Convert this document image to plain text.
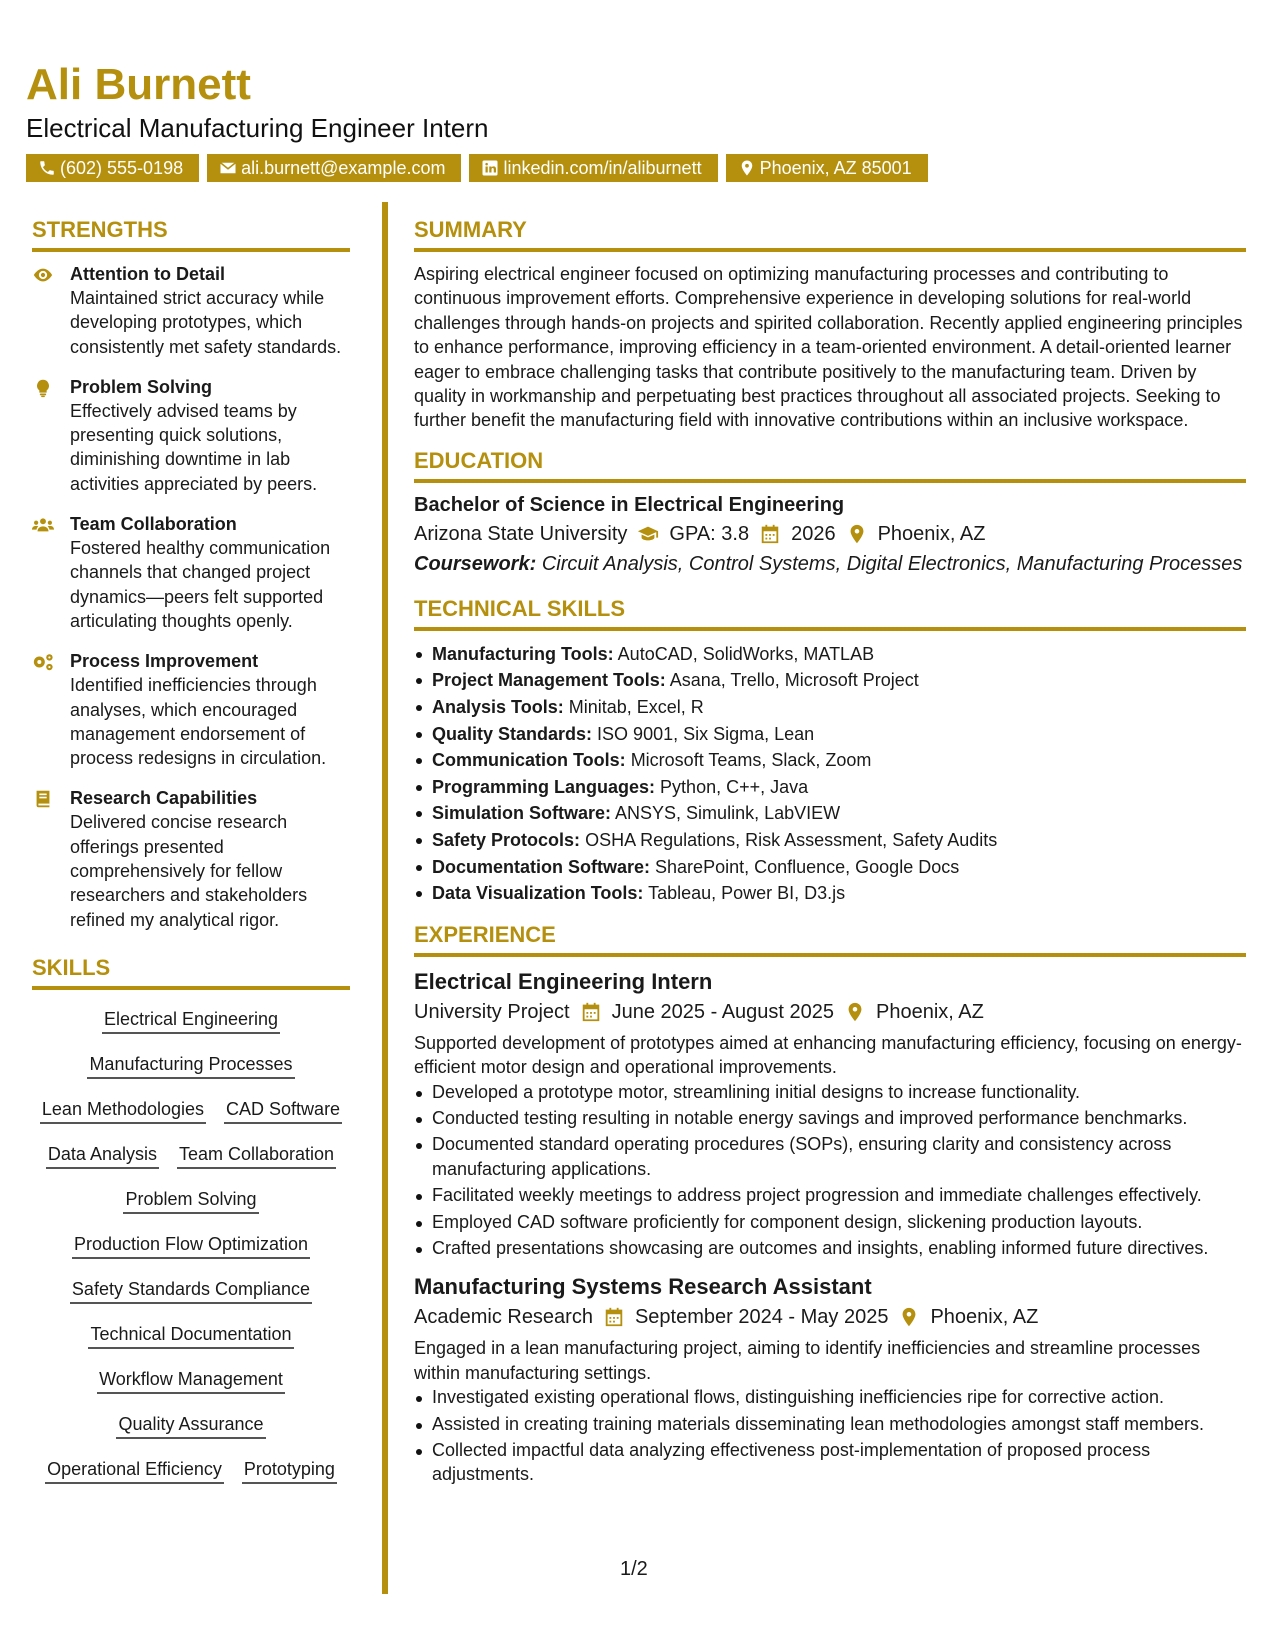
Ali Burnett
Electrical Manufacturing Engineer Intern
(602) 555-0198	ali.burnett@example.com	linkedin.com/in/aliburnett	Phoenix, AZ 85001
STRENGTHS
Attention to Detail
Maintained strict accuracy while developing prototypes, which consistently met safety standards.
Problem Solving
Effectively advised teams by presenting quick solutions, diminishing downtime in lab activities appreciated by peers.
Team Collaboration
Fostered healthy communication channels that changed project dynamics—peers felt supported articulating thoughts openly.
Process Improvement
Identified inefficiencies through analyses, which encouraged management endorsement of process redesigns in circulation.
Research Capabilities
Delivered concise research offerings presented comprehensively for fellow researchers and stakeholders refined my analytical rigor.
SKILLS
Electrical Engineering
Manufacturing Processes
Lean Methodologies CAD Software
Data Analysis Team Collaboration
Problem Solving
Production Flow Optimization
Safety Standards Compliance
Technical Documentation
Workflow Management
Quality Assurance
Operational Efficiency Prototyping
SUMMARY
Aspiring electrical engineer focused on optimizing manufacturing processes and contributing to continuous improvement efforts. Comprehensive experience in developing solutions for real-world challenges through hands-on projects and spirited collaboration. Recently applied engineering principles to enhance performance, improving efficiency in a team-oriented environment. A detail-oriented learner eager to embrace challenging tasks that contribute positively to the manufacturing team. Driven by quality in workmanship and perpetuating best practices throughout all associated projects. Seeking to further benefit the manufacturing field with innovative contributions within an inclusive workspace.
EDUCATION
Bachelor of Science in Electrical Engineering
Arizona State University GPA: 3.8 2026 Phoenix, AZ
Coursework: Circuit Analysis, Control Systems, Digital Electronics, Manufacturing Processes
TECHNICAL SKILLS
Manufacturing Tools: AutoCAD, SolidWorks, MATLAB
Project Management Tools: Asana, Trello, Microsoft Project
Analysis Tools: Minitab, Excel, R
Quality Standards: ISO 9001, Six Sigma, Lean
Communication Tools: Microsoft Teams, Slack, Zoom
Programming Languages: Python, C++, Java
Simulation Software: ANSYS, Simulink, LabVIEW
Safety Protocols: OSHA Regulations, Risk Assessment, Safety Audits
Documentation Software: SharePoint, Confluence, Google Docs
Data Visualization Tools: Tableau, Power BI, D3.js
EXPERIENCE
Electrical Engineering Intern
University Project June 2025 - August 2025 Phoenix, AZ
Supported development of prototypes aimed at enhancing manufacturing efficiency, focusing on energy-efficient motor design and operational improvements.
Developed a prototype motor, streamlining initial designs to increase functionality.
Conducted testing resulting in notable energy savings and improved performance benchmarks.
Documented standard operating procedures (SOPs), ensuring clarity and consistency across manufacturing applications.
Facilitated weekly meetings to address project progression and immediate challenges effectively.
Employed CAD software proficiently for component design, slickening production layouts.
Crafted presentations showcasing are outcomes and insights, enabling informed future directives.
Manufacturing Systems Research Assistant
Academic Research September 2024 - May 2025 Phoenix, AZ
Engaged in a lean manufacturing project, aiming to identify inefficiencies and streamline processes within manufacturing settings.
Investigated existing operational flows, distinguishing inefficiencies ripe for corrective action.
Assisted in creating training materials disseminating lean methodologies amongst staff members.
Collected impactful data analyzing effectiveness post-implementation of proposed process adjustments.
1/2
